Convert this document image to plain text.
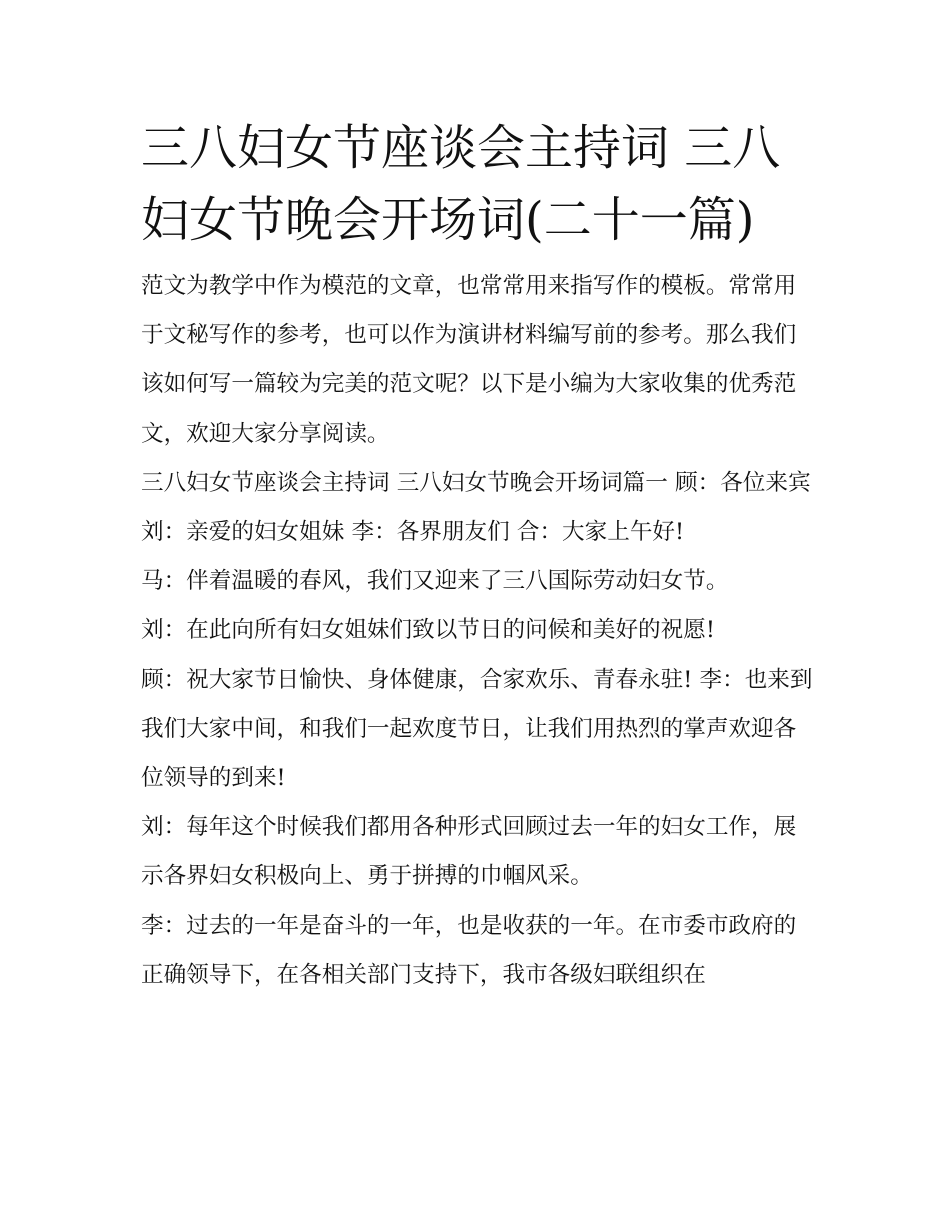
三八妇女节座谈会主持词 三八妇女节晚会开场词(二十一篇)

范文为教学中作为模范的文章，也常常用来指写作的模板。常常用于文秘写作的参考，也可以作为演讲材料编写前的参考。那么我们该如何写一篇较为完美的范文呢？以下是小编为大家收集的优秀范文，欢迎大家分享阅读。

三八妇女节座谈会主持词 三八妇女节晚会开场词篇一 顾：各位来宾 刘：亲爱的妇女姐妹 李：各界朋友们 合：大家上午好!

马：伴着温暖的春风，我们又迎来了三八国际劳动妇女节。

刘：在此向所有妇女姐妹们致以节日的问候和美好的祝愿!

顾：祝大家节日愉快、身体健康，合家欢乐、青春永驻! 李：也来到我们大家中间，和我们一起欢度节日，让我们用热烈的掌声欢迎各位领导的到来!

刘：每年这个时候我们都用各种形式回顾过去一年的妇女工作，展示各界妇女积极向上、勇于拼搏的巾帼风采。

李：过去的一年是奋斗的一年，也是收获的一年。在市委市政府的正确领导下，在各相关部门支持下，我市各级妇联组织在
